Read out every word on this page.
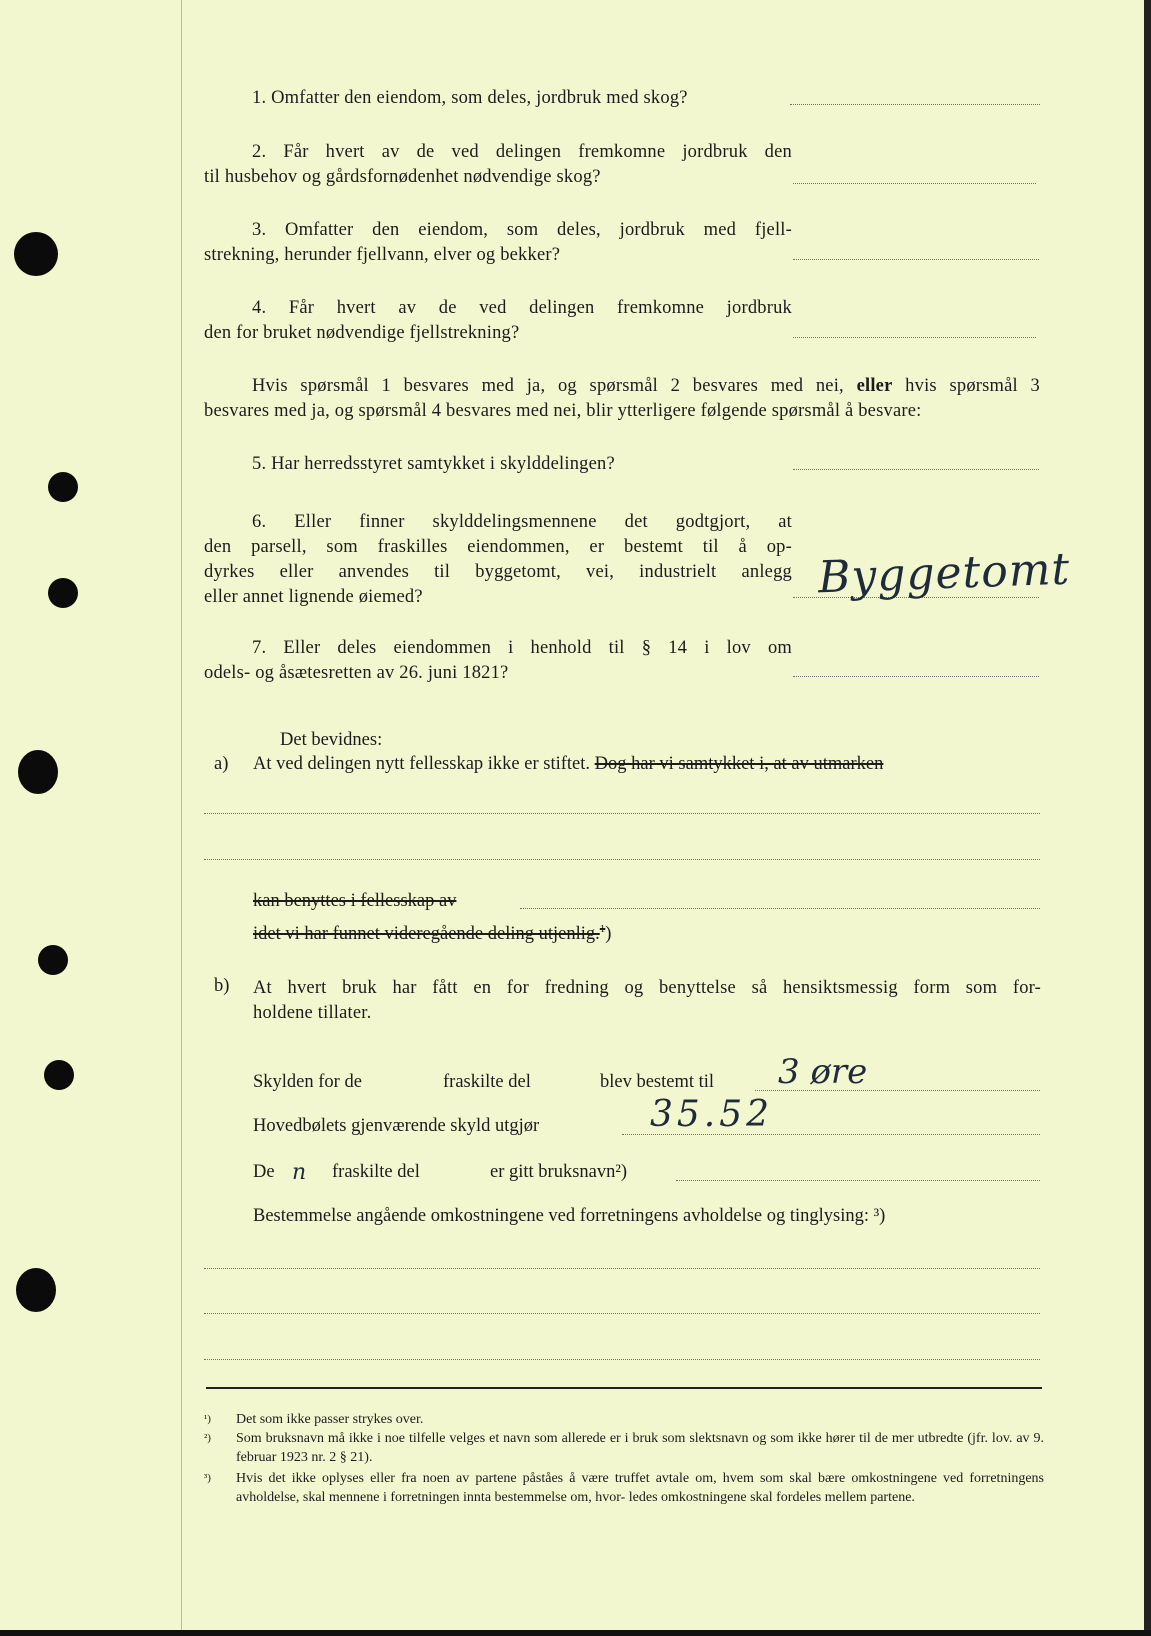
1. Omfatter den eiendom, som deles, jordbruk med skog?
2. Får hvert av de ved delingen fremkomne jordbruk den
til husbehov og gårdsfornødenhet nødvendige skog?
3. Omfatter den eiendom, som deles, jordbruk med fjell-
strekning, herunder fjellvann, elver og bekker?
4. Får hvert av de ved delingen fremkomne jordbruk
den for bruket nødvendige fjellstrekning?
Hvis spørsmål 1 besvares med ja, og spørsmål 2 besvares med nei, eller hvis spørsmål 3
besvares med ja, og spørsmål 4 besvares med nei, blir ytterligere følgende spørsmål å besvare:
5. Har herredsstyret samtykket i skylddelingen?
6. Eller finner skylddelingsmennene det godtgjort, at
den parsell, som fraskilles eiendommen, er bestemt til å op-
dyrkes eller anvendes til byggetomt, vei, industrielt anlegg
eller annet lignende øiemed?	Byggetomt
7. Eller deles eiendommen i henhold til § 14 i lov om
odels- og åsætesretten av 26. juni 1821?
Det bevidnes:
a) At ved delingen nytt fellesskap ikke er stiftet. Dog har vi samtykket i, at av utmarken
kan benyttes i fellesskap av
idet vi har funnet videregående deling utjenlig.$^1$)
b) At hvert bruk har fått en for fredning og benyttelse så hensiktsmessig form som for-
holdene tillater.
Skylden for de	fraskilte del	blev bestemt til 3 øre
Hovedbølets gjenværende skyld utgjør	35.52
De n fraskilte del	er gitt bruksnavn²)
Bestemmelse angående omkostningene ved forretningens avholdelse og tinglysing: ³)
¹)	Det som ikke passer strykes over.
²)	Som bruksnavn må ikke i noe tilfelle velges et navn som allerede er i bruk som slektsnavn og som ikke hører til de mer utbredte (jfr. lov. av 9. februar 1923 nr. 2 § 21).
³)	Hvis det ikke oplyses eller fra noen av partene påståes å være truffet avtale om, hvem som skal bære omkostningene ved forretningens avholdelse, skal mennene i forretningen innta bestemmelse om, hvor- ledes omkostningene skal fordeles mellem partene.
